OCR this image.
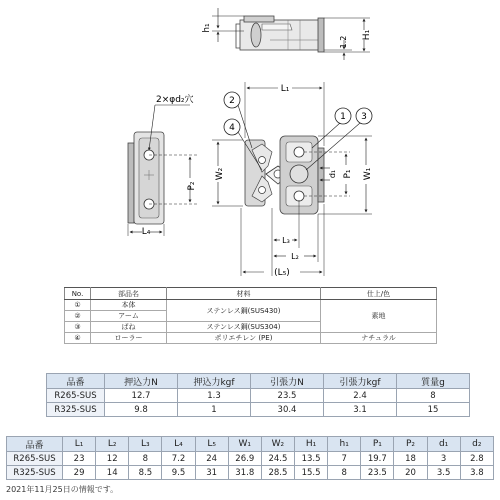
h₁
1.2
H₁
2×φd₂穴
P₂
L₄
L₁
W₂	P₁
d₁	W₁
L₃
L₂
(L₅)
2
4
1 3
No.	部品名	材料	仕上/色
①	本体	ステンレス鋼(SUS430)	素地
②	アーム		
③	ばね	ステンレス鋼(SUS304)	
④	ローラー	ポリエチレン (PE)	ナチュラル
品番	押込力N	押込力kgf	引張力N	引張力kgf	質量g
R265-SUS	12.7	1.3	23.5	2.4	8
R325-SUS	9.8	1	30.4	3.1	15
品番	L₁	L₂	L₃	L₄	L₅	W₁	W₂	H₁	h₁	P₁	P₂	d₁	d₂
R265-SUS	23	12	8	7.2	24	26.9	24.5	13.5	7	19.7	18	3	2.8
R325-SUS	29	14	8.5	9.5	31	31.8	28.5	15.5	8	23.5	20	3.5	3.8
2021年11月25日の情報です。
